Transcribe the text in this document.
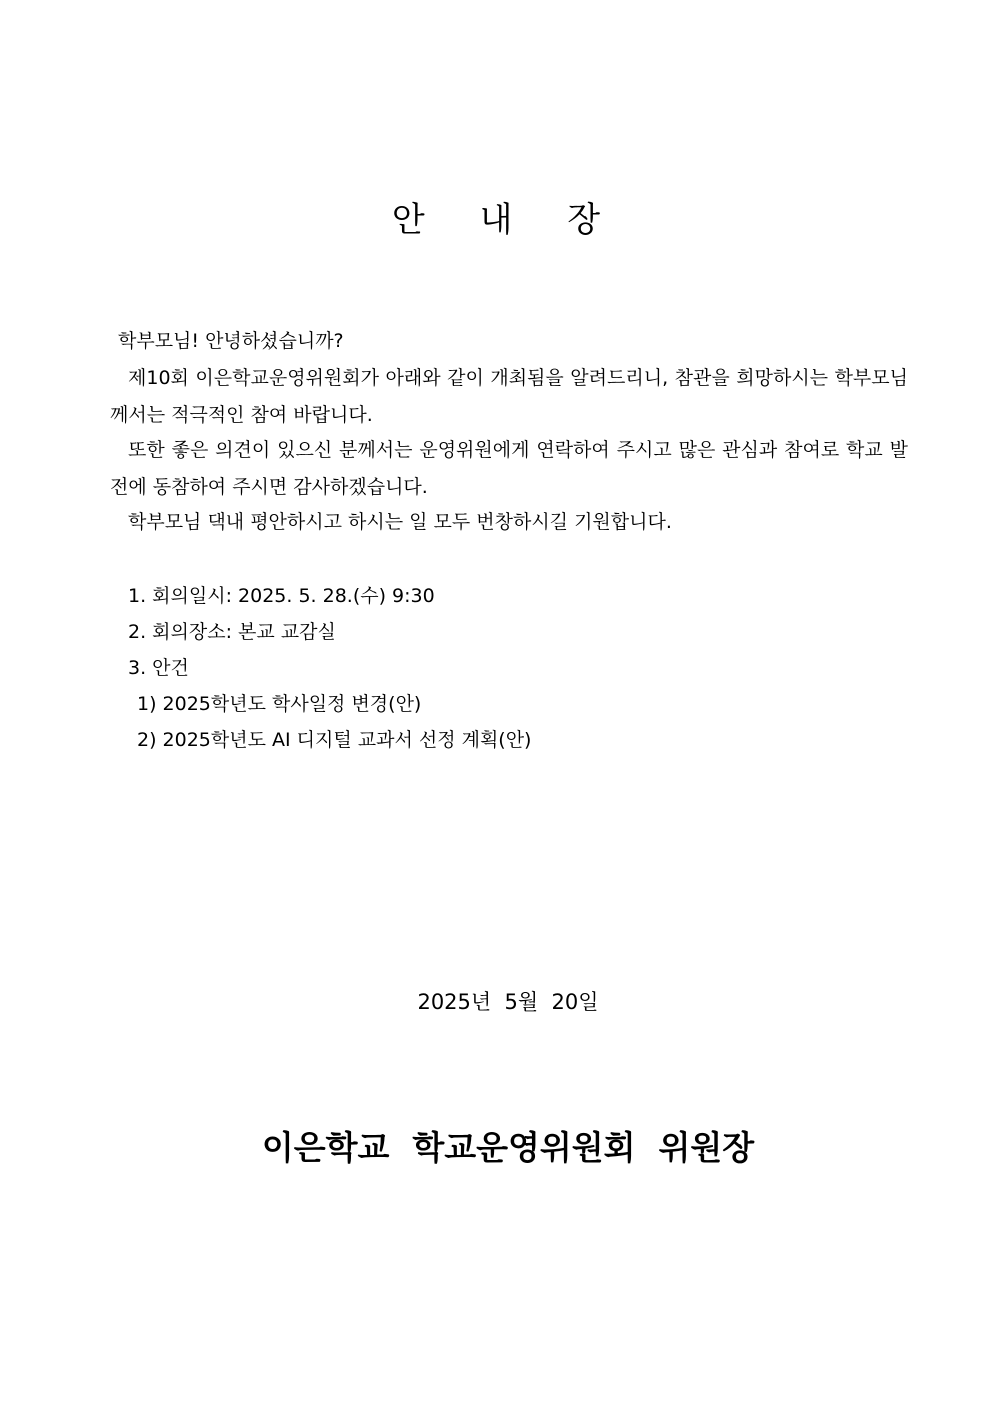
안 내 장
학부모님! 안녕하셨습니까?
제10회 이은학교운영위원회가 아래와 같이 개최됨을 알려드리니, 참관을 희망하시는 학부모님께서는 적극적인 참여 바랍니다.
또한 좋은 의견이 있으신 분께서는 운영위원에게 연락하여 주시고 많은 관심과 참여로 학교 발전에 동참하여 주시면 감사하겠습니다.
학부모님 댁내 평안하시고 하시는 일 모두 번창하시길 기원합니다.
1. 회의일시: 2025. 5. 28.(수) 9:30
2. 회의장소: 본교 교감실
3. 안건
1) 2025학년도 학사일정 변경(안)
2) 2025학년도 AI 디지털 교과서 선정 계획(안)
2025년  5월  20일
이은학교  학교운영위원회  위원장
